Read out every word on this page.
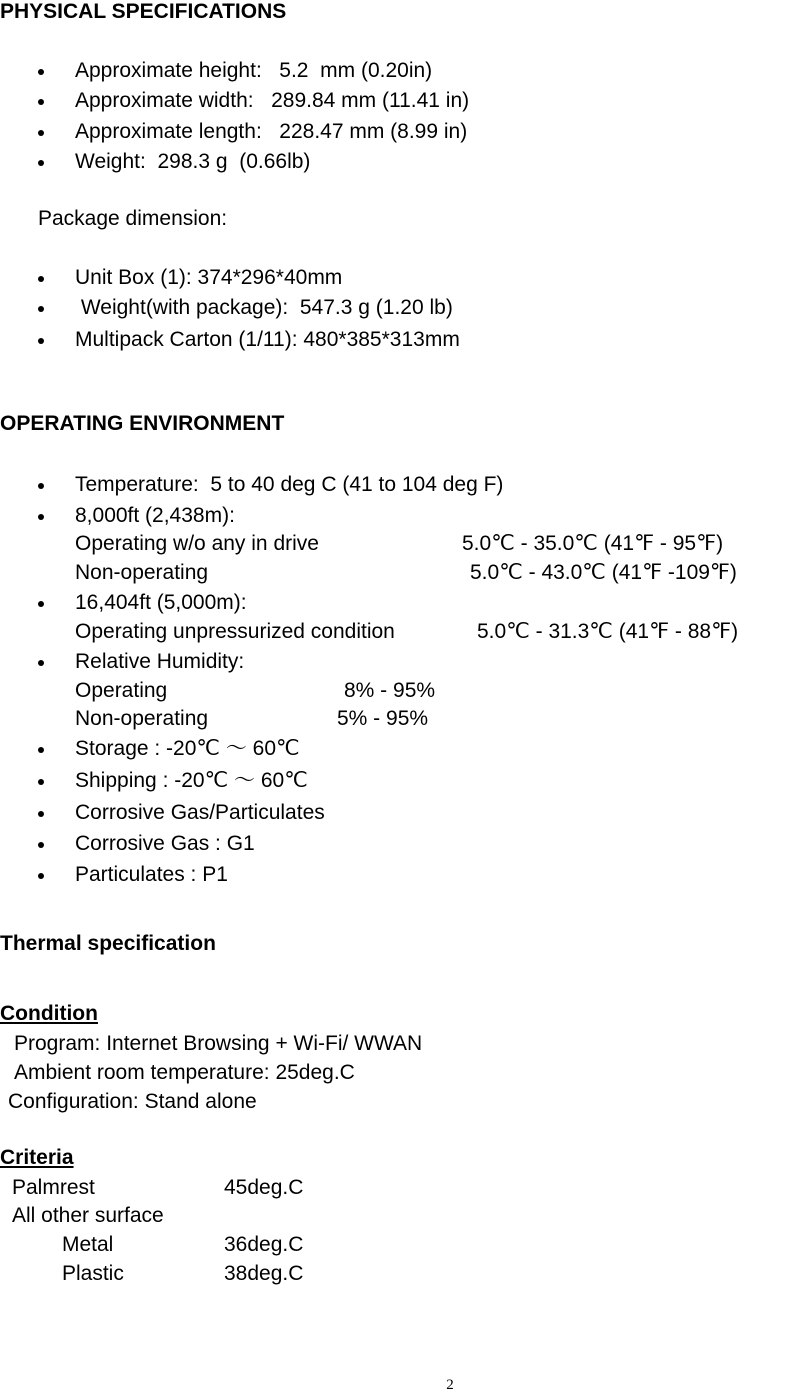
PHYSICAL SPECIFICATIONS
Approximate height:   5.2  mm (0.20in)
Approximate width:   289.84 mm (11.41 in)
Approximate length:   228.47 mm (8.99 in)
Weight:  298.3 g  (0.66lb)
Package dimension:
Unit Box (1): 374*296*40mm
Weight(with package):  547.3 g (1.20 lb)
Multipack Carton (1/11): 480*385*313mm
OPERATING ENVIRONMENT
Temperature:  5 to 40 deg C (41 to 104 deg F)
8,000ft (2,438m):
Operating w/o any in drive	5.0℃ - 35.0℃ (41℉ - 95℉)
Non-operating	5.0℃ - 43.0℃ (41℉ -109℉)
16,404ft (5,000m):
Operating unpressurized condition	5.0℃ - 31.3℃ (41℉ - 88℉)
Relative Humidity:
Operating	8% - 95%
Non-operating	5% - 95%
Storage : -20℃ ～ 60℃
Shipping : -20℃ ～ 60℃
Corrosive Gas/Particulates
Corrosive Gas : G1
Particulates : P1
Thermal specification
Condition
Program: Internet Browsing + Wi-Fi/ WWAN
Ambient room temperature: 25deg.C
Configuration: Stand alone
Criteria
Palmrest	45deg.C
All other surface
Metal	36deg.C
Plastic	38deg.C
2
